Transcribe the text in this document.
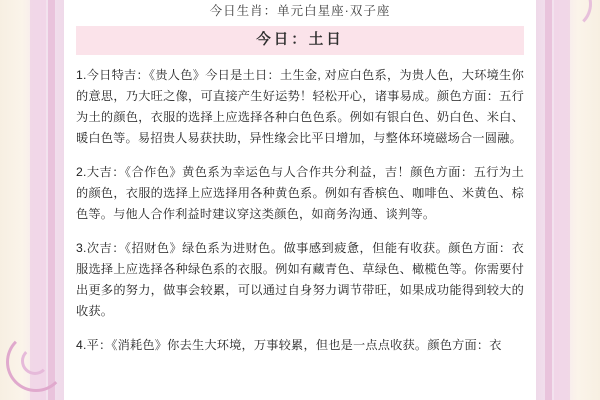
今日生肖：单元白星座·双子座
今日：土日

1.今日特吉：《贵人色》今日是土日：土生金, 对应白色系，为贵人色，大环境生你的意思，乃大旺之像，可直接产生好运势！轻松开心，诸事易成。颜色方面：五行为土的颜色，衣服的选择上应选择各种白色色系。例如有银白色、奶白色、米白、暖白色等。易招贵人易获扶助，异性缘会比平日增加，与整体环境磁场合一圆融。

2.大吉：《合作色》黄色系为幸运色与人合作共分利益，吉！颜色方面：五行为土的颜色，衣服的选择上应选择用各种黄色系。例如有香槟色、咖啡色、米黄色、棕色等。与他人合作利益时建议穿这类颜色，如商务沟通、谈判等。

3.次吉：《招财色》绿色系为进财色。做事感到疲惫，但能有收获。颜色方面：衣服选择上应选择各种绿色系的衣服。例如有藏青色、草绿色、橄榄色等。你需要付出更多的努力，做事会较累，可以通过自身努力调节带旺，如果成功能得到较大的收获。

4.平：《消耗色》你去生大环境，万事较累，但也是一点点收获。颜色方面：衣
